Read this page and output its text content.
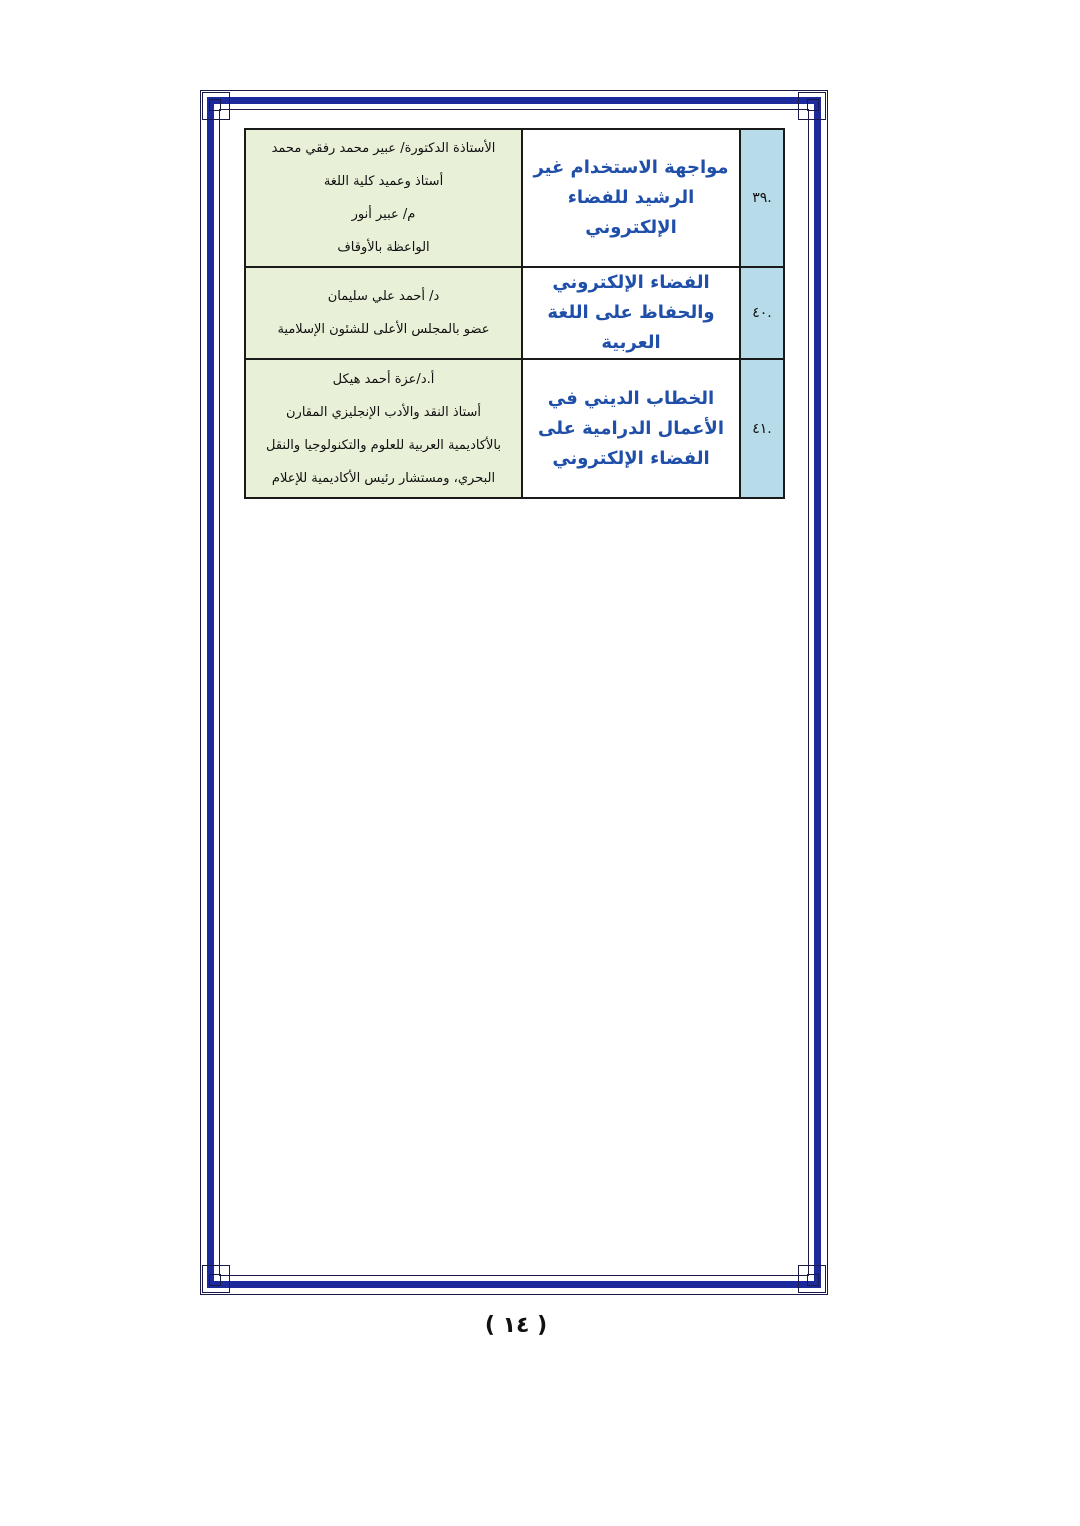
.٣٩
مواجهة الاستخدام غير
الرشيد للفضاء
الإلكتروني
الأستاذة الدكتورة/ عبير محمد رفقي محمد
أستاذ وعميد كلية اللغة
م/ عبير أنور
الواعظة بالأوقاف
.٤٠
الفضاء الإلكتروني
والحفاظ على اللغة
العربية
د/ أحمد علي سليمان
عضو بالمجلس الأعلى للشئون الإسلامية
.٤١
الخطاب الديني في
الأعمال الدرامية على
الفضاء الإلكتروني
أ.د/عزة أحمد هيكل
أستاذ النقد والأدب الإنجليزي المقارن
بالأكاديمية العربية للعلوم والتكنولوجيا والنقل
البحري، ومستشار رئيس الأكاديمية للإعلام
( ١٤ )
